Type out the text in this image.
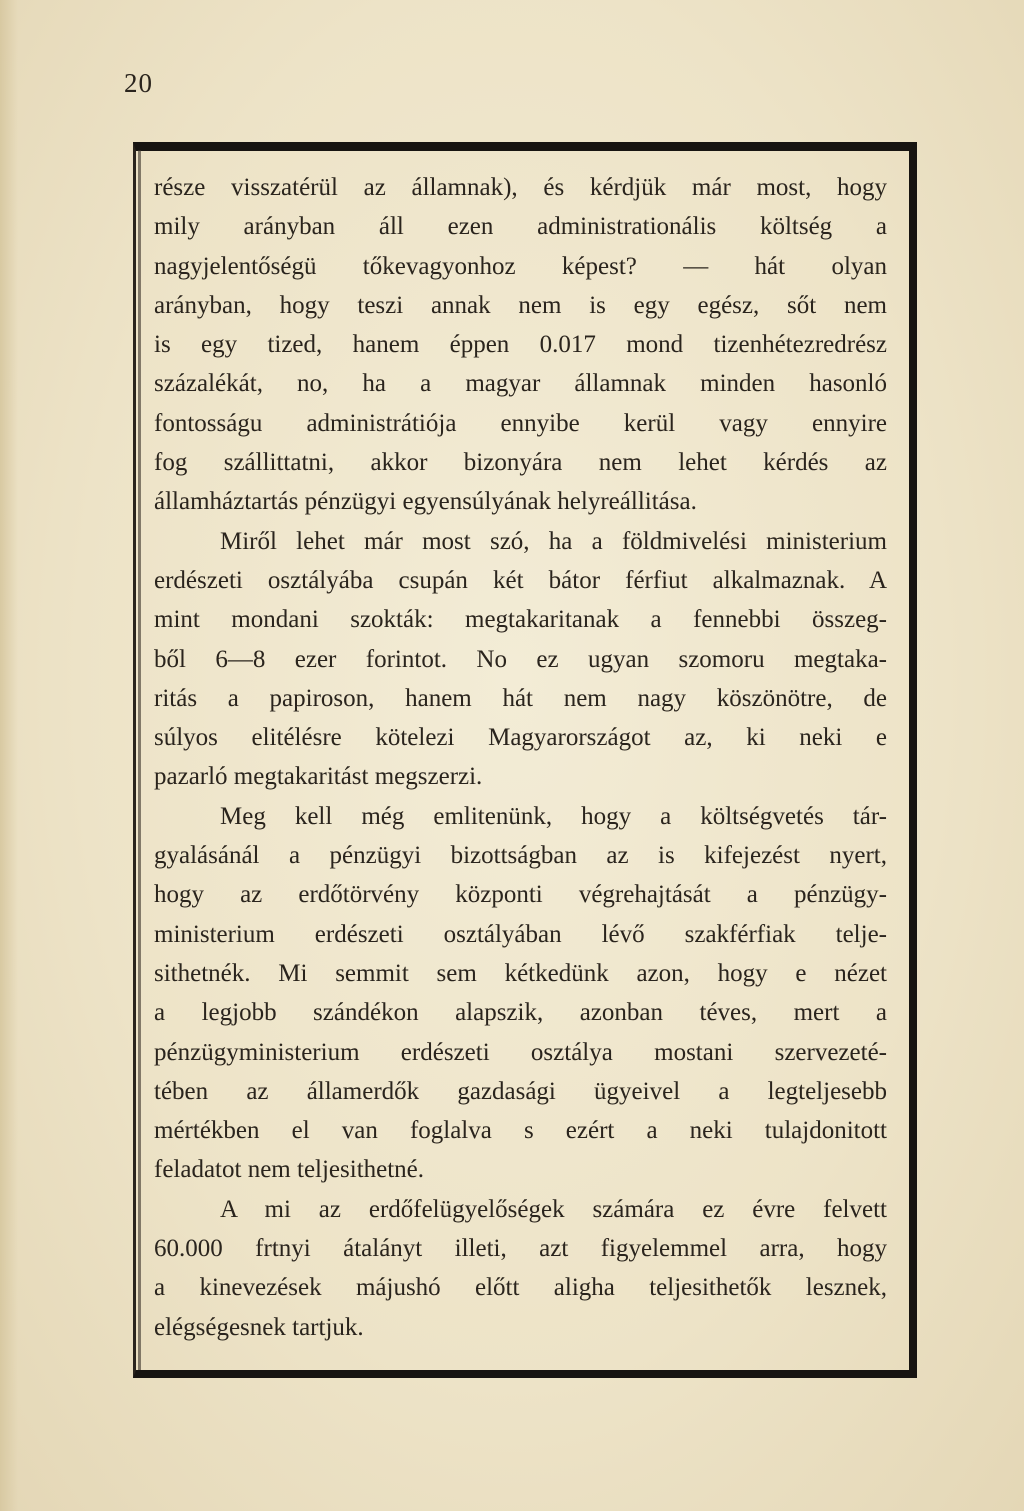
20
része visszatérül az államnak), és kérdjük már most, hogy
mily arányban áll ezen administrationális költség a
nagyjelentőségü tőkevagyonhoz képest? — hát olyan
arányban, hogy teszi annak nem is egy egész, sőt nem
is egy tized, hanem éppen 0.017 mond tizenhétezredrész
százalékát, no, ha a magyar államnak minden hasonló
fontosságu administrátiója ennyibe kerül vagy ennyire
fog szállittatni, akkor bizonyára nem lehet kérdés az
államháztartás pénzügyi egyensúlyának helyreállitása.
Miről lehet már most szó, ha a földmivelési ministerium
erdészeti osztályába csupán két bátor férfiut alkalmaznak. A
mint mondani szokták: megtakaritanak a fennebbi összeg-
ből 6—8 ezer forintot. No ez ugyan szomoru megtaka-
ritás a papiroson, hanem hát nem nagy köszönötre, de
súlyos elitélésre kötelezi Magyarországot az, ki neki e
pazarló megtakaritást megszerzi.
Meg kell még emlitenünk, hogy a költségvetés tár-
gyalásánál a pénzügyi bizottságban az is kifejezést nyert,
hogy az erdőtörvény központi végrehajtását a pénzügy-
ministerium erdészeti osztályában lévő szakférfiak telje-
sithetnék. Mi semmit sem kétkedünk azon, hogy e nézet
a legjobb szándékon alapszik, azonban téves, mert a
pénzügyministerium erdészeti osztálya mostani szervezeté-
tében az államerdők gazdasági ügyeivel a legteljesebb
mértékben el van foglalva s ezért a neki tulajdonitott
feladatot nem teljesithetné.
A mi az erdőfelügyelőségek számára ez évre felvett
60.000 frtnyi átalányt illeti, azt figyelemmel arra, hogy
a kinevezések májushó előtt aligha teljesithetők lesznek,
elégségesnek tartjuk.
